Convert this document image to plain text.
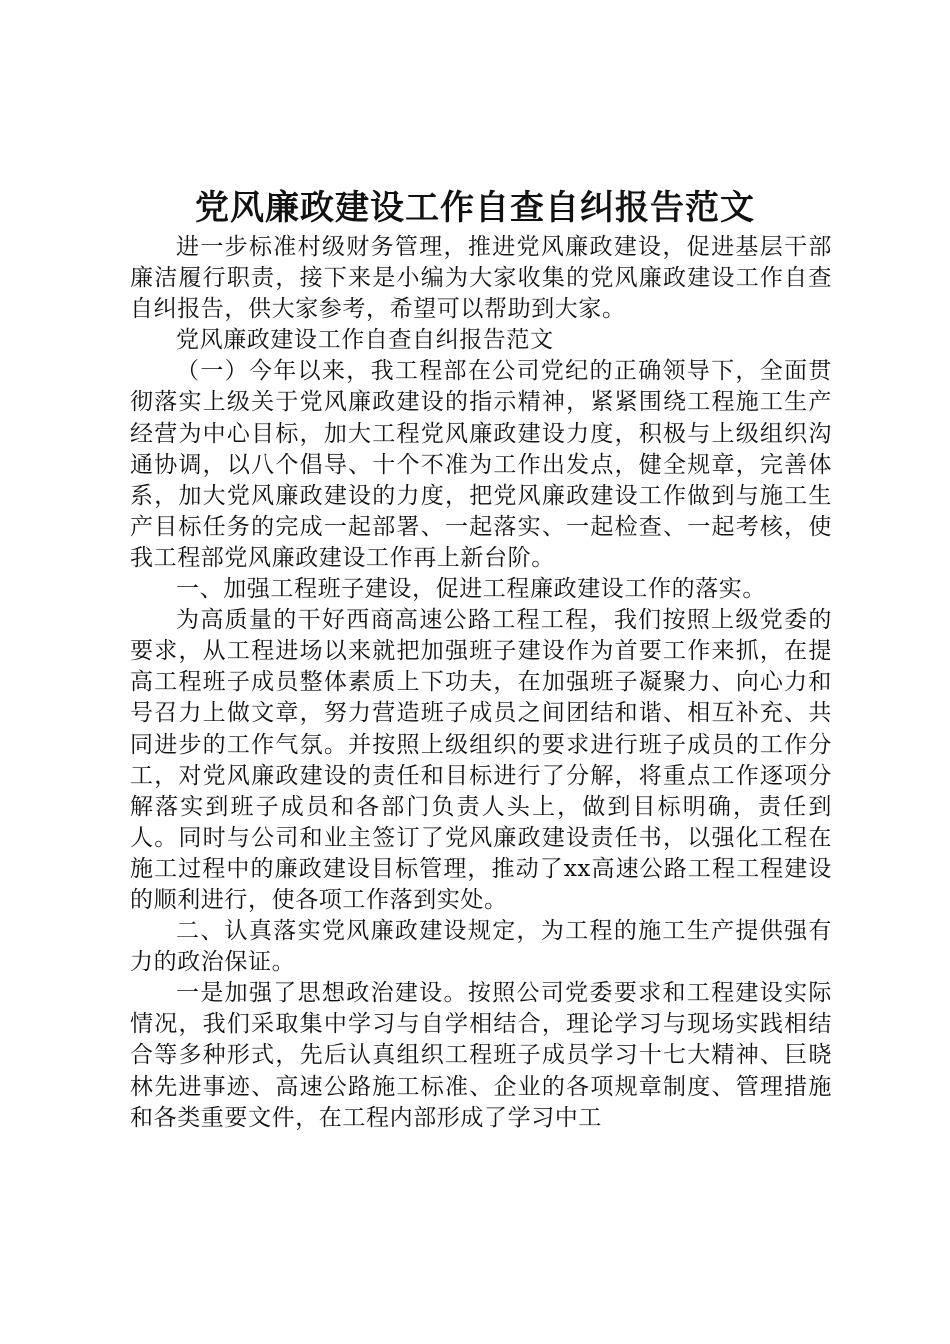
党风廉政建设工作自查自纠报告范文

进一步标准村级财务管理，推进党风廉政建设，促进基层干部廉洁履行职责，接下来是小编为大家收集的党风廉政建设工作自查自纠报告，供大家参考，希望可以帮助到大家。

党风廉政建设工作自查自纠报告范文

（一）今年以来，我工程部在公司党纪的正确领导下，全面贯彻落实上级关于党风廉政建设的指示精神，紧紧围绕工程施工生产经营为中心目标，加大工程党风廉政建设力度，积极与上级组织沟通协调，以八个倡导、十个不准为工作出发点，健全规章，完善体系，加大党风廉政建设的力度，把党风廉政建设工作做到与施工生产目标任务的完成一起部署、一起落实、一起检查、一起考核，使我工程部党风廉政建设工作再上新台阶。

一、加强工程班子建设，促进工程廉政建设工作的落实。

为高质量的干好西商高速公路工程工程，我们按照上级党委的要求，从工程进场以来就把加强班子建设作为首要工作来抓，在提高工程班子成员整体素质上下功夫，在加强班子凝聚力、向心力和号召力上做文章，努力营造班子成员之间团结和谐、相互补充、共同进步的工作气氛。并按照上级组织的要求进行班子成员的工作分工，对党风廉政建设的责任和目标进行了分解，将重点工作逐项分解落实到班子成员和各部门负责人头上，做到目标明确，责任到人。同时与公司和业主签订了党风廉政建设责任书，以强化工程在施工过程中的廉政建设目标管理，推动了xx高速公路工程工程建设的顺利进行，使各项工作落到实处。

二、认真落实党风廉政建设规定，为工程的施工生产提供强有力的政治保证。

一是加强了思想政治建设。按照公司党委要求和工程建设实际情况，我们采取集中学习与自学相结合，理论学习与现场实践相结合等多种形式，先后认真组织工程班子成员学习十七大精神、巨晓林先进事迹、高速公路施工标准、企业的各项规章制度、管理措施和各类重要文件，在工程内部形成了学习中工
